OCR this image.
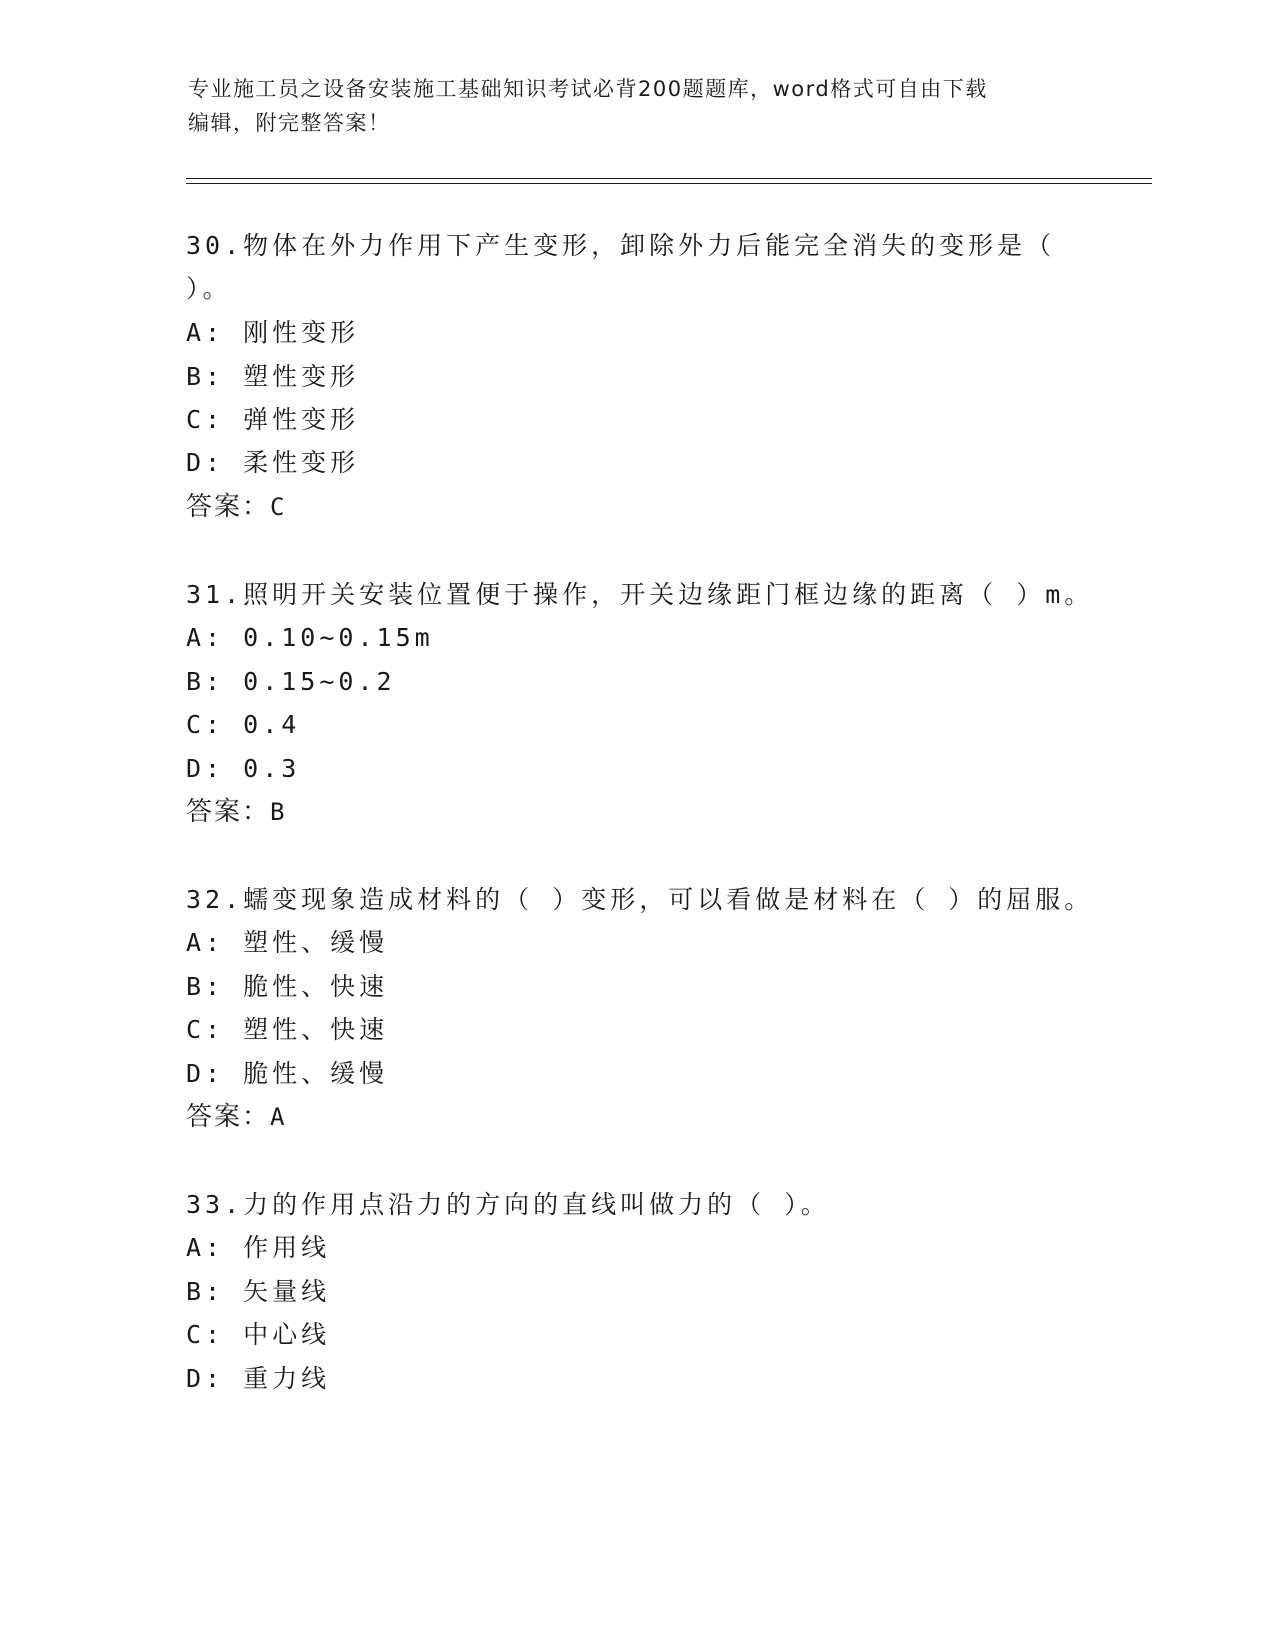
专业施工员之设备安装施工基础知识考试必背200题题库，word格式可自由下载
编辑，附完整答案！
30.物体在外力作用下产生变形，卸除外力后能完全消失的变形是（
）。
A: 刚性变形
B: 塑性变形
C: 弹性变形
D: 柔性变形
答案：C
31.照明开关安装位置便于操作，开关边缘距门框边缘的距离（ ）m。
A: 0.10~0.15m
B: 0.15~0.2
C: 0.4
D: 0.3
答案：B
32.蠕变现象造成材料的（ ）变形，可以看做是材料在（ ）的屈服。
A: 塑性、缓慢
B: 脆性、快速
C: 塑性、快速
D: 脆性、缓慢
答案：A
33.力的作用点沿力的方向的直线叫做力的（ ）。
A: 作用线
B: 矢量线
C: 中心线
D: 重力线
